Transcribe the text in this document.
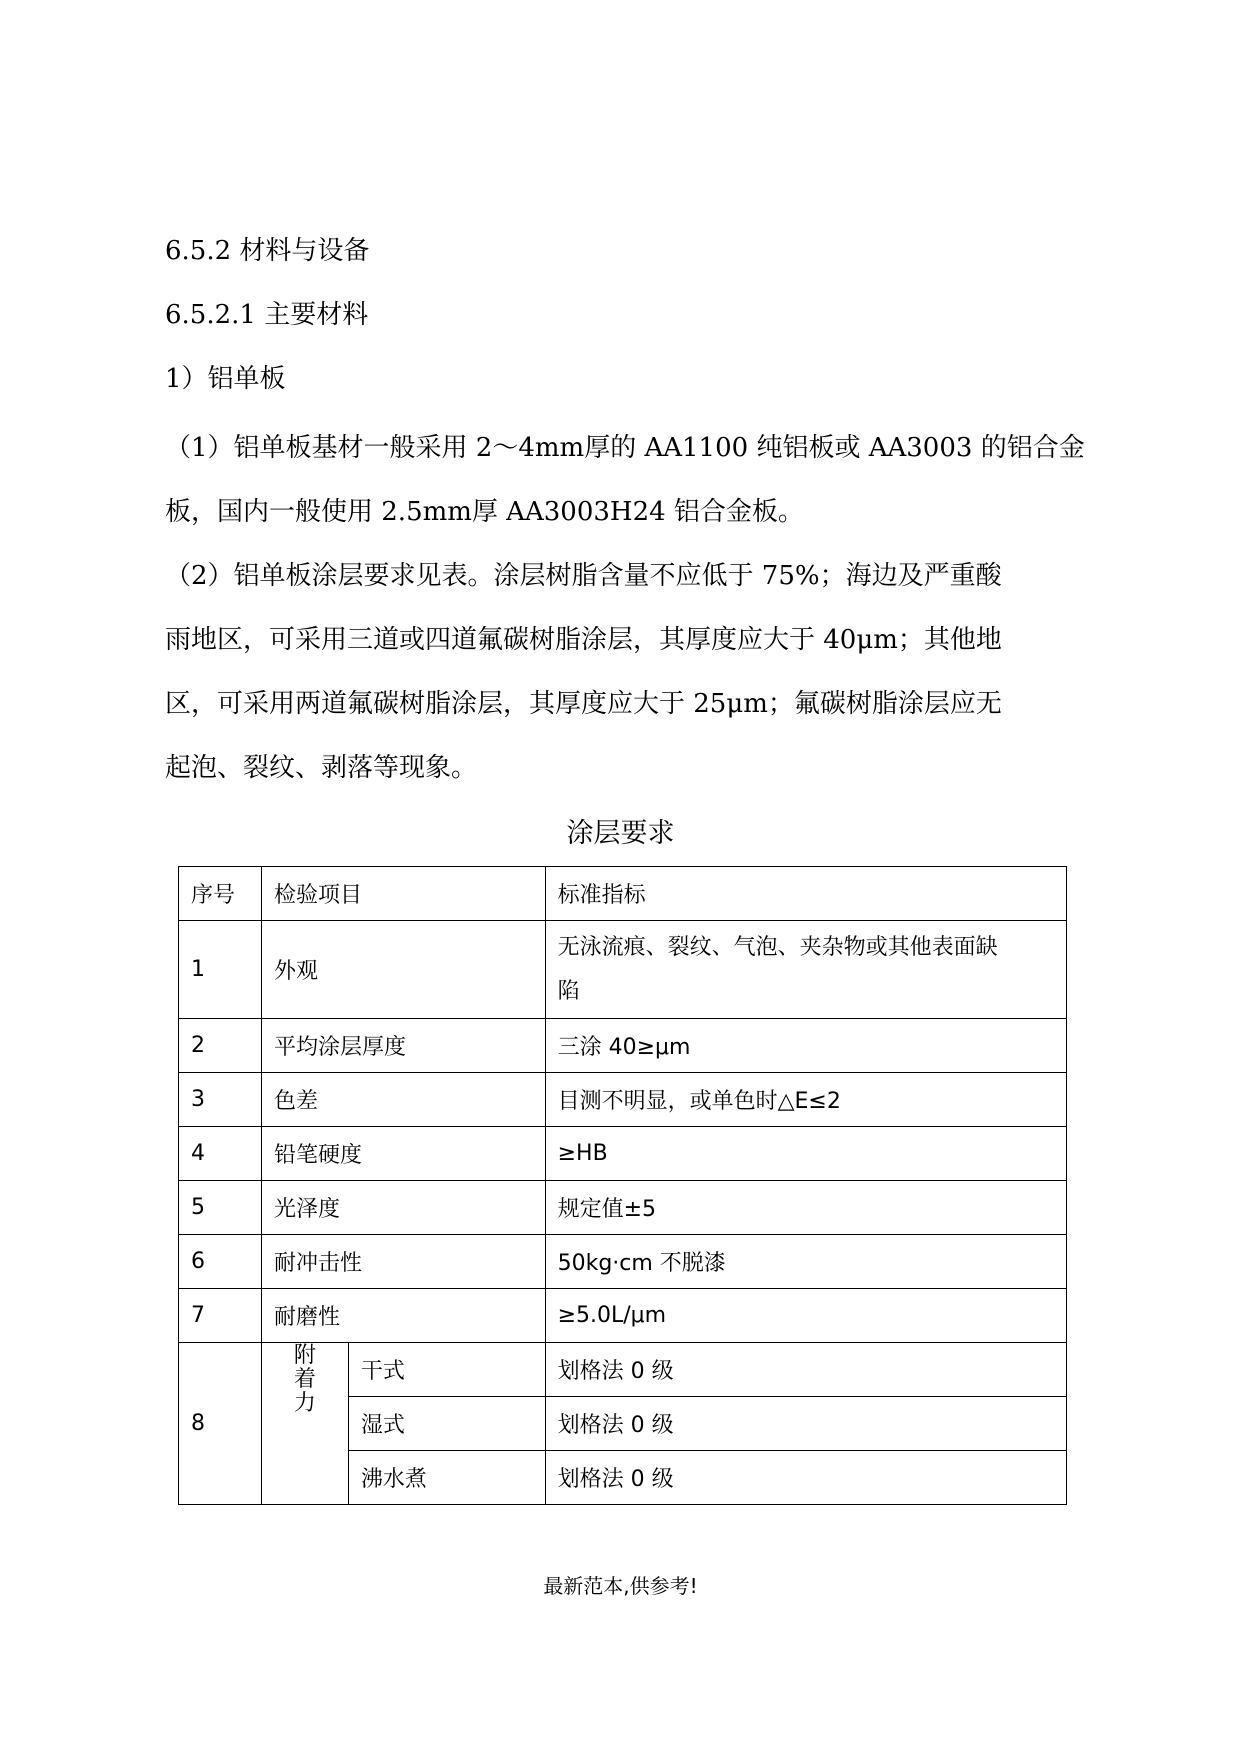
6.5.2 材料与设备
6.5.2.1 主要材料
1）铝单板
（1）铝单板基材一般采用 2～4mm厚的 AA1100 纯铝板或 AA3003 的铝合金
板，国内一般使用 2.5mm厚 AA3003H24 铝合金板。
（2）铝单板涂层要求见表。涂层树脂含量不应低于 75%；海边及严重酸
雨地区，可采用三道或四道氟碳树脂涂层，其厚度应大于 40μm；其他地
区，可采用两道氟碳树脂涂层，其厚度应大于 25μm；氟碳树脂涂层应无
起泡、裂纹、剥落等现象。
涂层要求
序号	检验项目		标准指标
1	外观		无泳流痕、裂纹、气泡、夹杂物或其他表面缺
陷

2	平均涂层厚度		三涂 40≥μm
3	色差		目测不明显，或单色时△E≤2
4	铅笔硬度		≥HB
5	光泽度		规定值±5
6	耐冲击性		50kg·cm 不脱漆
7	耐磨性		≥5.0L/μm
8	附
着
力	干式	划格法 0 级
		湿式	划格法 0 级
		沸水煮	划格法 0 级
最新范本,供参考!
